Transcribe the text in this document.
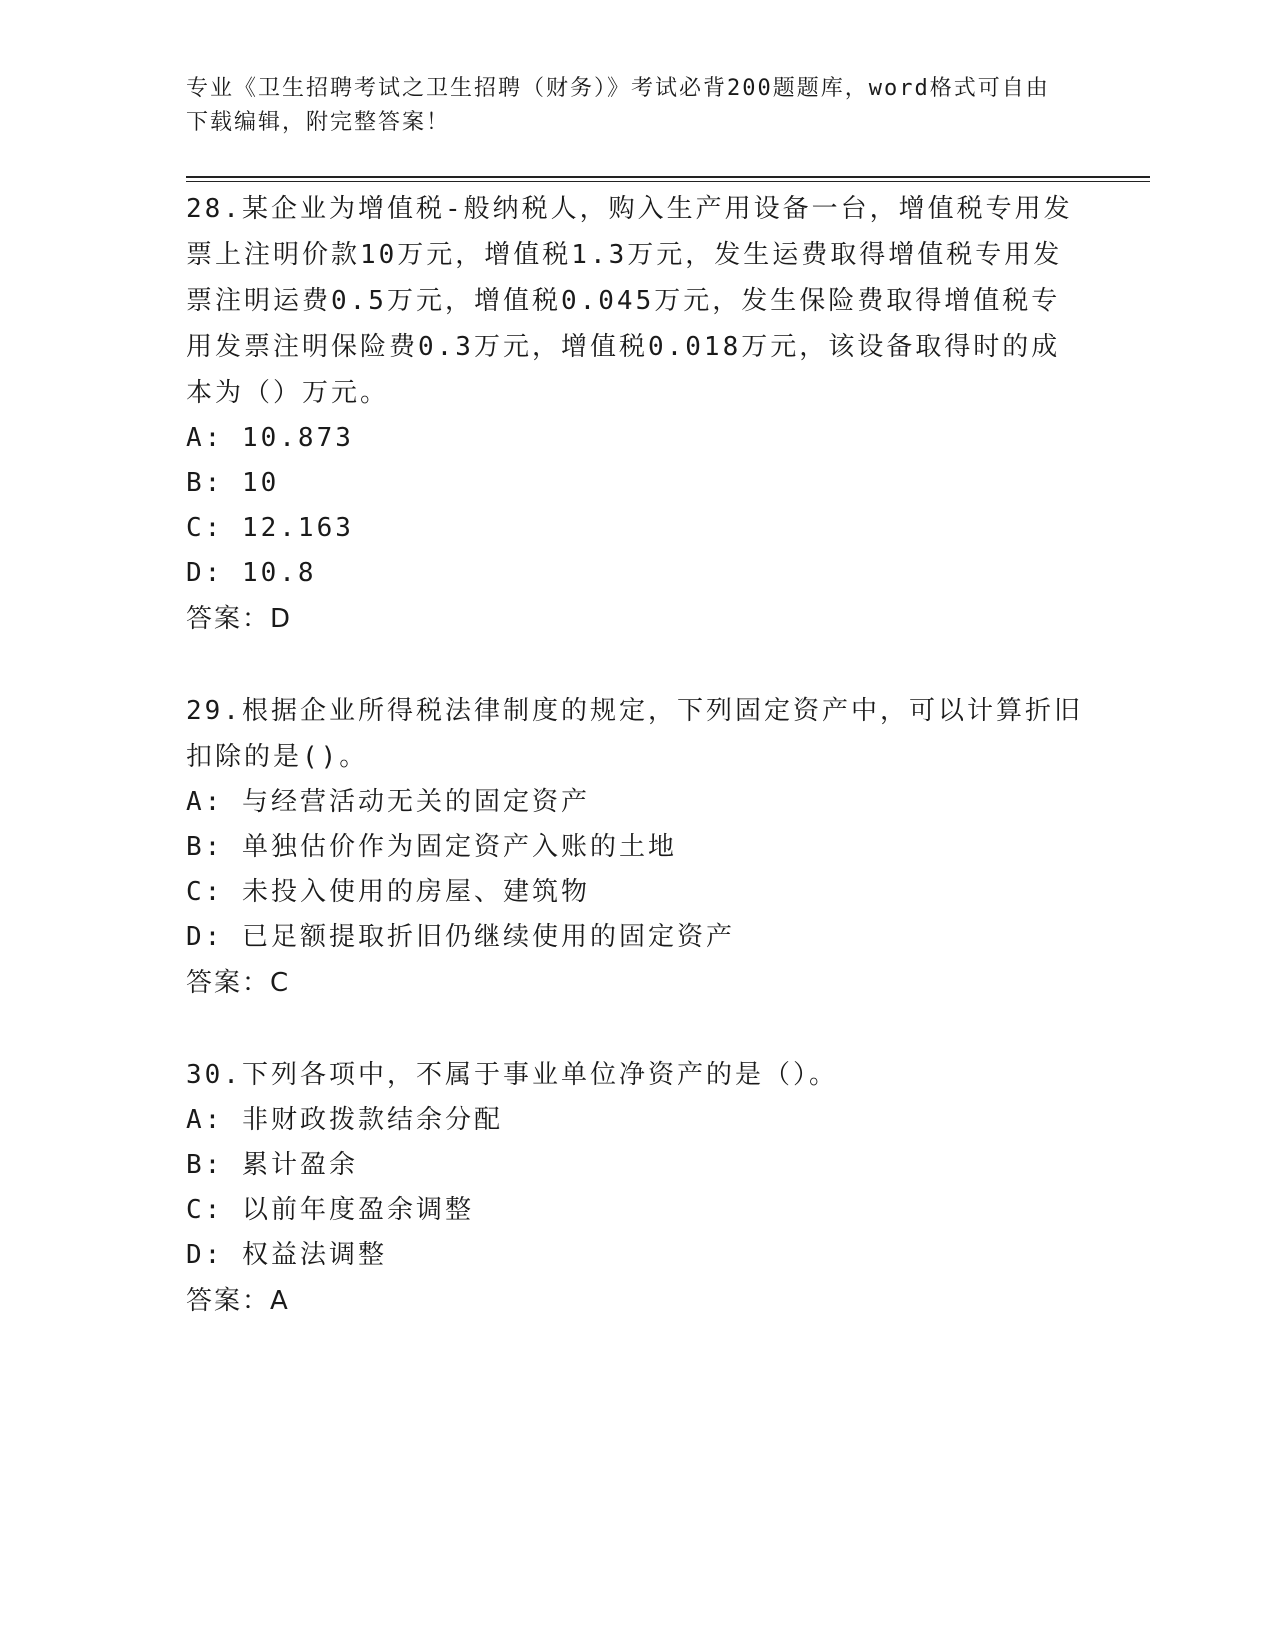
专业《卫生招聘考试之卫生招聘（财务）》考试必背200题题库，word格式可自由下载编辑，附完整答案！

28.某企业为增值税-般纳税人，购入生产用设备一台，增值税专用发票上注明价款10万元，增值税1.3万元，发生运费取得增值税专用发票注明运费0.5万元，增值税0.045万元，发生保险费取得增值税专用发票注明保险费0.3万元，增值税0.018万元，该设备取得时的成本为（）万元。

A: 10.873

B: 10

C: 12.163

D: 10.8

答案：D

29.根据企业所得税法律制度的规定，下列固定资产中，可以计算折旧扣除的是()。

A: 与经营活动无关的固定资产

B: 单独估价作为固定资产入账的土地

C: 未投入使用的房屋、建筑物

D: 已足额提取折旧仍继续使用的固定资产

答案：C

30.下列各项中，不属于事业单位净资产的是（）。

A: 非财政拨款结余分配

B: 累计盈余

C: 以前年度盈余调整

D: 权益法调整

答案：A
